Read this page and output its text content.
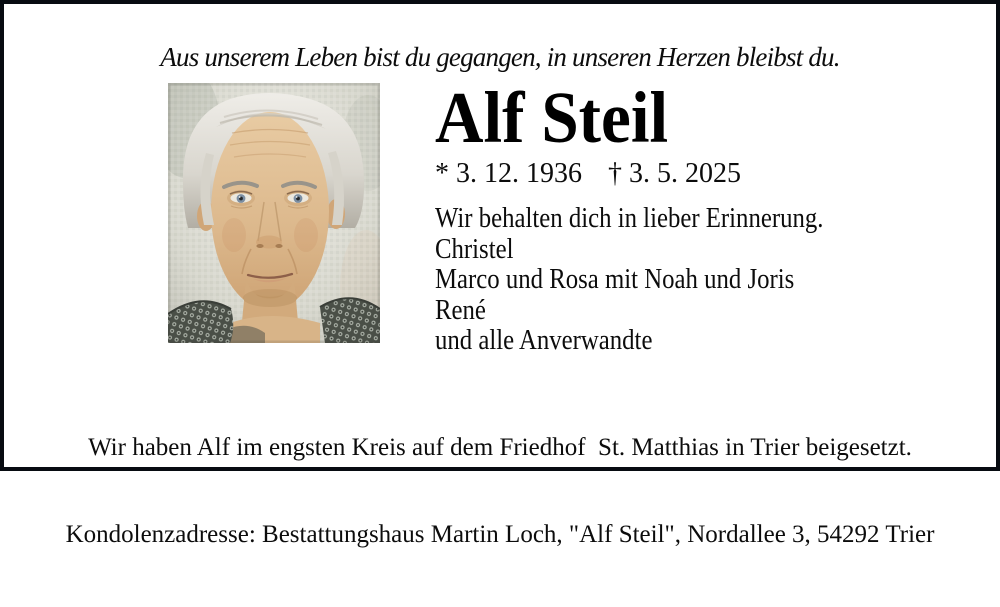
Aus unserem Leben bist du gegangen, in unseren Herzen bleibst du.
Alf Steil
* 3. 12. 1936 † 3. 5. 2025
Wir behalten dich in lieber Erinnerung.
Christel
Marco und Rosa mit Noah und Joris
René
und alle Anverwandte

Wir haben Alf im engsten Kreis auf dem Friedhof  St. Matthias in Trier beigesetzt.

Kondolenzadresse: Bestattungshaus Martin Loch, "Alf Steil", Nordallee 3, 54292 Trier
